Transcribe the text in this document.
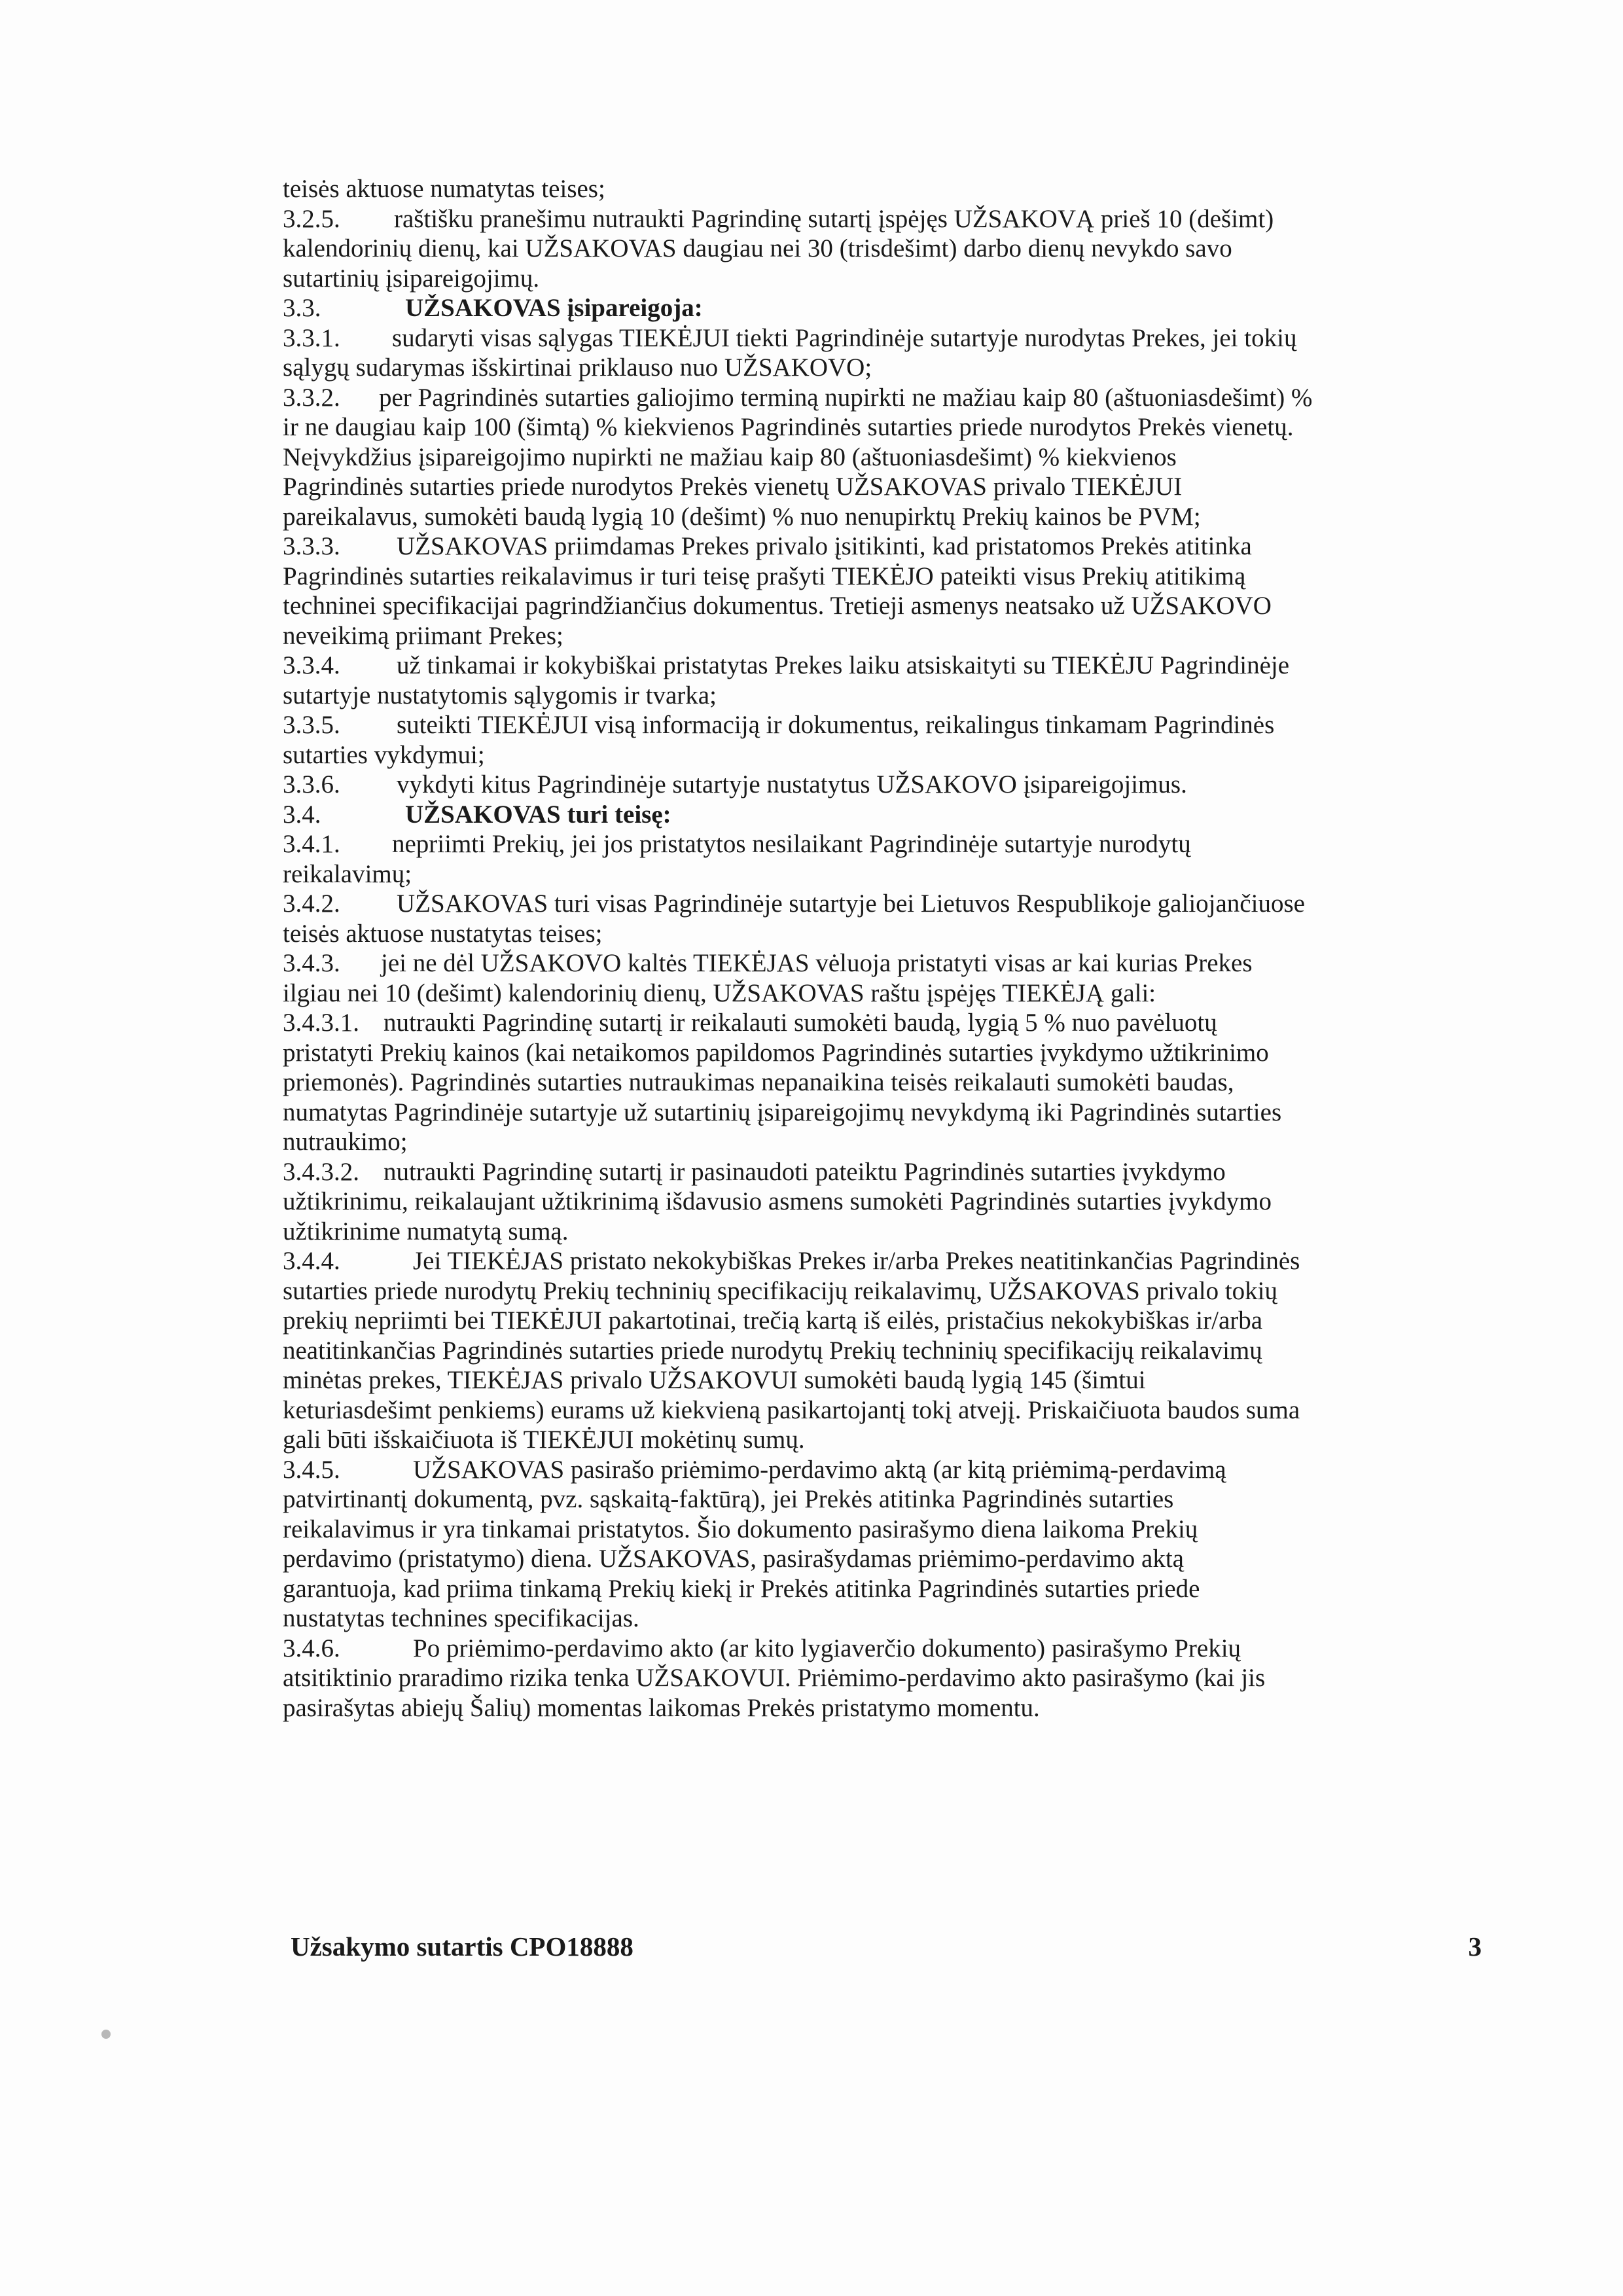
teisės aktuose numatytas teises;
3.2.5. raštišku pranešimu nutraukti Pagrindinę sutartį įspėjęs UŽSAKOVĄ prieš 10 (dešimt)
kalendorinių dienų, kai UŽSAKOVAS daugiau nei 30 (trisdešimt) darbo dienų nevykdo savo
sutartinių įsipareigojimų.
3.3.	UŽSAKOVAS įsipareigoja:
3.3.1. sudaryti visas sąlygas TIEKĖJUI tiekti Pagrindinėje sutartyje nurodytas Prekes, jei tokių
sąlygų sudarymas išskirtinai priklauso nuo UŽSAKOVO;
3.3.2. per Pagrindinės sutarties galiojimo terminą nupirkti ne mažiau kaip 80 (aštuoniasdešimt) %
ir ne daugiau kaip 100 (šimtą) % kiekvienos Pagrindinės sutarties priede nurodytos Prekės vienetų.
Neįvykdžius įsipareigojimo nupirkti ne mažiau kaip 80 (aštuoniasdešimt) % kiekvienos
Pagrindinės sutarties priede nurodytos Prekės vienetų UŽSAKOVAS privalo TIEKĖJUI
pareikalavus, sumokėti baudą lygią 10 (dešimt) % nuo nenupirktų Prekių kainos be PVM;
3.3.3. UŽSAKOVAS priimdamas Prekes privalo įsitikinti, kad pristatomos Prekės atitinka
Pagrindinės sutarties reikalavimus ir turi teisę prašyti TIEKĖJO pateikti visus Prekių atitikimą
techninei specifikacijai pagrindžiančius dokumentus. Tretieji asmenys neatsako už UŽSAKOVO
neveikimą priimant Prekes;
3.3.4. už tinkamai ir kokybiškai pristatytas Prekes laiku atsiskaityti su TIEKĖJU Pagrindinėje
sutartyje nustatytomis sąlygomis ir tvarka;
3.3.5. suteikti TIEKĖJUI visą informaciją ir dokumentus, reikalingus tinkamam Pagrindinės
sutarties vykdymui;
3.3.6. vykdyti kitus Pagrindinėje sutartyje nustatytus UŽSAKOVO įsipareigojimus.
3.4.	UŽSAKOVAS turi teisę:
3.4.1. nepriimti Prekių, jei jos pristatytos nesilaikant Pagrindinėje sutartyje nurodytų
reikalavimų;
3.4.2. UŽSAKOVAS turi visas Pagrindinėje sutartyje bei Lietuvos Respublikoje galiojančiuose
teisės aktuose nustatytas teises;
3.4.3. jei ne dėl UŽSAKOVO kaltės TIEKĖJAS vėluoja pristatyti visas ar kai kurias Prekes
ilgiau nei 10 (dešimt) kalendorinių dienų, UŽSAKOVAS raštu įspėjęs TIEKĖJĄ gali:
3.4.3.1. nutraukti Pagrindinę sutartį ir reikalauti sumokėti baudą, lygią 5 % nuo pavėluotų
pristatyti Prekių kainos (kai netaikomos papildomos Pagrindinės sutarties įvykdymo užtikrinimo
priemonės). Pagrindinės sutarties nutraukimas nepanaikina teisės reikalauti sumokėti baudas,
numatytas Pagrindinėje sutartyje už sutartinių įsipareigojimų nevykdymą iki Pagrindinės sutarties
nutraukimo;
3.4.3.2. nutraukti Pagrindinę sutartį ir pasinaudoti pateiktu Pagrindinės sutarties įvykdymo
užtikrinimu, reikalaujant užtikrinimą išdavusio asmens sumokėti Pagrindinės sutarties įvykdymo
užtikrinime numatytą sumą.
3.4.4.	Jei TIEKĖJAS pristato nekokybiškas Prekes ir/arba Prekes neatitinkančias Pagrindinės
sutarties priede nurodytų Prekių techninių specifikacijų reikalavimų, UŽSAKOVAS privalo tokių
prekių nepriimti bei TIEKĖJUI pakartotinai, trečią kartą iš eilės, pristačius nekokybiškas ir/arba
neatitinkančias Pagrindinės sutarties priede nurodytų Prekių techninių specifikacijų reikalavimų
minėtas prekes, TIEKĖJAS privalo UŽSAKOVUI sumokėti baudą lygią 145 (šimtui
keturiasdešimt penkiems) eurams už kiekvieną pasikartojantį tokį atvejį. Priskaičiuota baudos suma
gali būti išskaičiuota iš TIEKĖJUI mokėtinų sumų.
3.4.5.	UŽSAKOVAS pasirašo priėmimo-perdavimo aktą (ar kitą priėmimą-perdavimą
patvirtinantį dokumentą, pvz. sąskaitą-faktūrą), jei Prekės atitinka Pagrindinės sutarties
reikalavimus ir yra tinkamai pristatytos. Šio dokumento pasirašymo diena laikoma Prekių
perdavimo (pristatymo) diena. UŽSAKOVAS, pasirašydamas priėmimo-perdavimo aktą
garantuoja, kad priima tinkamą Prekių kiekį ir Prekės atitinka Pagrindinės sutarties priede
nustatytas technines specifikacijas.
3.4.6.	Po priėmimo-perdavimo akto (ar kito lygiaverčio dokumento) pasirašymo Prekių
atsitiktinio praradimo rizika tenka UŽSAKOVUI. Priėmimo-perdavimo akto pasirašymo (kai jis
pasirašytas abiejų Šalių) momentas laikomas Prekės pristatymo momentu.
Užsakymo sutartis CPO18888	3
